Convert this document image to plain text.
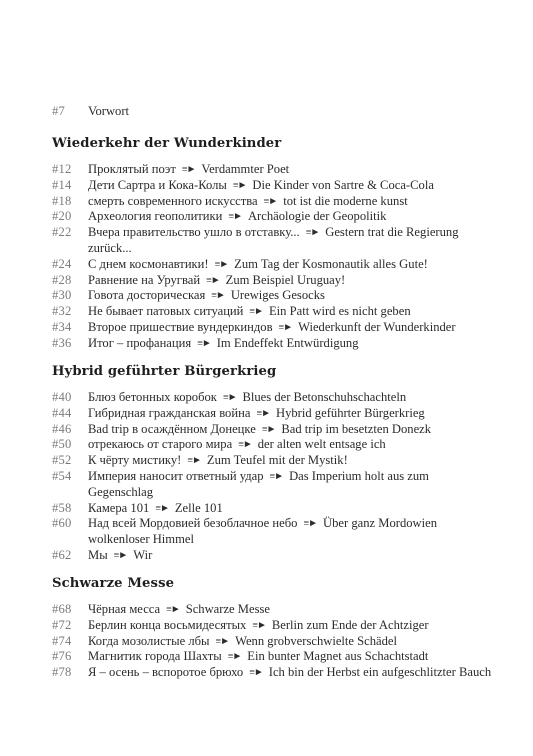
#7	Vorwort
Wiederkehr der Wunderkinder
#12	Проклятый поэт ≡► Verdammter Poet
#14	Дети Сартра и Кока-Колы ≡► Die Kinder von Sartre & Coca-Cola
#18	смерть современного искусства ≡► tot ist die moderne kunst
#20	Археология геополитики ≡► Archäologie der Geopolitik
#22	Вчера правительство ушло в отставку... ≡► Gestern trat die Regierung zurück...
#24	С днем космонавтики! ≡► Zum Tag der Kosmonautik alles Gute!
#28	Равнение на Уругвай ≡► Zum Beispiel Uruguay!
#30	Говота досторическая ≡► Urewiges Gesocks
#32	Не бывает патовых ситуаций ≡► Ein Patt wird es nicht geben
#34	Второе пришествие вундеркиндов ≡► Wiederkunft der Wunderkinder
#36	Итог – профанация ≡► Im Endeffekt Entwürdigung
Hybrid geführter Bürgerkrieg
#40	Блюз бетонных коробок ≡► Blues der Betonschuhschachteln
#44	Гибридная гражданская война ≡► Hybrid geführter Bürgerkrieg
#46	Bad trip в осаждённом Донецке ≡► Bad trip im besetzten Donezk
#50	отрекаюсь от старого мира ≡► der alten welt entsage ich
#52	К чёрту мистику! ≡► Zum Teufel mit der Mystik!
#54	Империя наносит ответный удар ≡► Das Imperium holt aus zum Gegenschlag
#58	Камера 101 ≡► Zelle 101
#60	Над всей Мордовией безоблачное небо ≡► Über ganz Mordowien wolkenloser Himmel
#62	Мы ≡► Wir
Schwarze Messe
#68	Чёрная месса ≡► Schwarze Messe
#72	Берлин конца восьмидесятых ≡► Berlin zum Ende der Achtziger
#74	Когда мозолистые лбы ≡► Wenn grobverschwielte Schädel
#76	Магнитик города Шахты ≡► Ein bunter Magnet aus Schachtstadt
#78	Я – осень – вспоротое брюхо ≡► Ich bin der Herbst ein aufgeschlitzter Bauch
